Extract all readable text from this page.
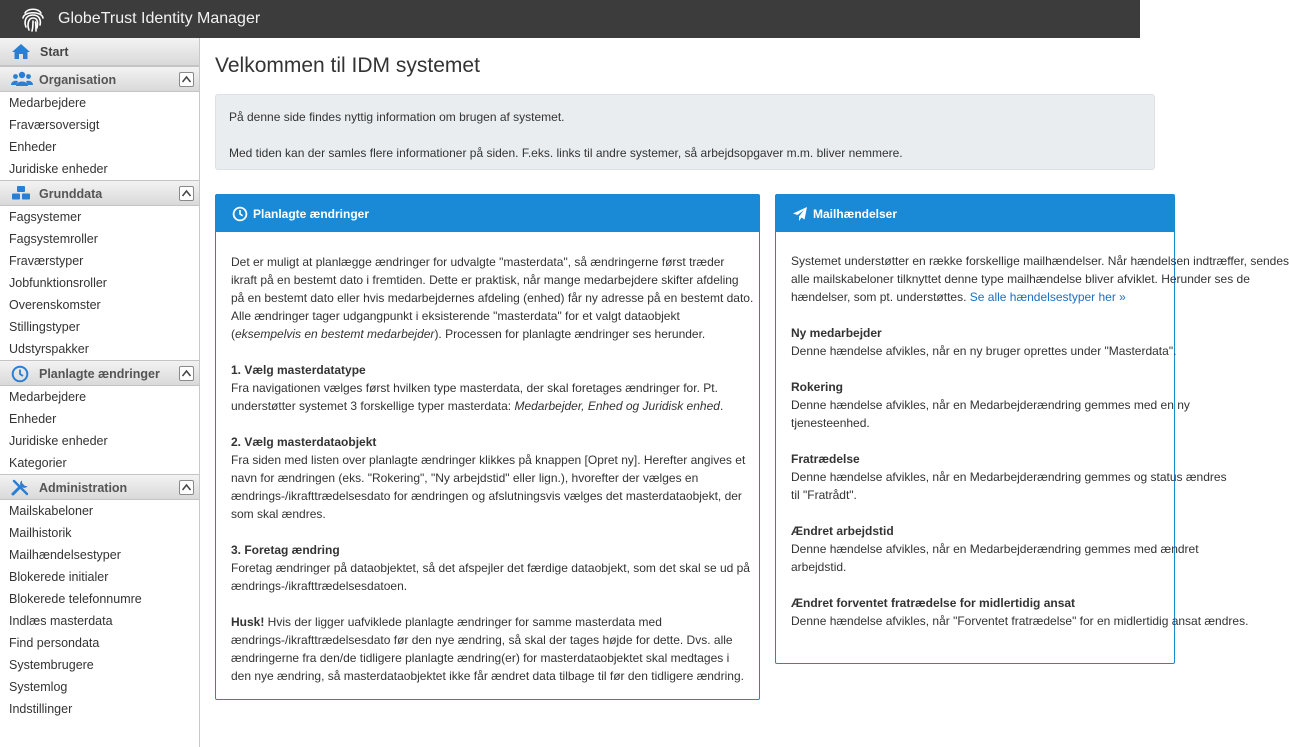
GlobeTrust Identity Manager
Start
Organisation
Medarbejdere
Fraværsoversigt
Enheder
Juridiske enheder
Grunddata
Fagsystemer
Fagsystemroller
Fraværstyper
Jobfunktionsroller
Overenskomster
Stillingstyper
Udstyrspakker
Planlagte ændringer
Medarbejdere
Enheder
Juridiske enheder
Kategorier
Administration
Mailskabeloner
Mailhistorik
Mailhændelsestyper
Blokerede initialer
Blokerede telefonnumre
Indlæs masterdata
Find persondata
Systembrugere
Systemlog
Indstillinger
Velkommen til IDM systemet

På denne side findes nyttig information om brugen af systemet.

Med tiden kan der samles flere informationer på siden. F.eks. links til andre systemer, så arbejdsopgaver m.m. bliver nemmere.

Planlagte ændringer
Det er muligt at planlægge ændringer for udvalgte "masterdata", så ændringerne først træder
ikraft på en bestemt dato i fremtiden. Dette er praktisk, når mange medarbejdere skifter afdeling
på en bestemt dato eller hvis medarbejdernes afdeling (enhed) får ny adresse på en bestemt dato.
Alle ændringer tager udgangpunkt i eksisterende "masterdata" for et valgt dataobjekt
(eksempelvis en bestemt medarbejder). Processen for planlagte ændringer ses herunder.
1. Vælg masterdatatype
Fra navigationen vælges først hvilken type masterdata, der skal foretages ændringer for. Pt.
understøtter systemet 3 forskellige typer masterdata: Medarbejder, Enhed og Juridisk enhed.
2. Vælg masterdataobjekt
Fra siden med listen over planlagte ændringer klikkes på knappen [Opret ny]. Herefter angives et
navn for ændringen (eks. "Rokering", "Ny arbejdstid" eller lign.), hvorefter der vælges en
ændrings-/ikrafttrædelsesdato for ændringen og afslutningsvis vælges det masterdataobjekt, der
som skal ændres.
3. Foretag ændring
Foretag ændringer på dataobjektet, så det afspejler det færdige dataobjekt, som det skal se ud på
ændrings-/ikrafttrædelsesdatoen.
Husk! Hvis der ligger uafviklede planlagte ændringer for samme masterdata med
ændrings-/ikrafttrædelsesdato før den nye ændring, så skal der tages højde for dette. Dvs. alle
ændringerne fra den/de tidligere planlagte ændring(er) for masterdataobjektet skal medtages i
den nye ændring, så masterdataobjektet ikke får ændret data tilbage til før den tidligere ændring.
Mailhændelser
Systemet understøtter en række forskellige mailhændelser. Når hændelsen indtræffer, sendes
alle mailskabeloner tilknyttet denne type mailhændelse bliver afviklet. Herunder ses de
hændelser, som pt. understøttes. Se alle hændelsestyper her »
Ny medarbejder
Denne hændelse afvikles, når en ny bruger oprettes under "Masterdata".
Rokering
Denne hændelse afvikles, når en Medarbejderændring gemmes med en ny
tjenesteenhed.
Fratrædelse
Denne hændelse afvikles, når en Medarbejderændring gemmes og status ændres
til "Fratrådt".
Ændret arbejdstid
Denne hændelse afvikles, når en Medarbejderændring gemmes med ændret
arbejdstid.
Ændret forventet fratrædelse for midlertidig ansat
Denne hændelse afvikles, når "Forventet fratrædelse" for en midlertidig ansat ændres.
